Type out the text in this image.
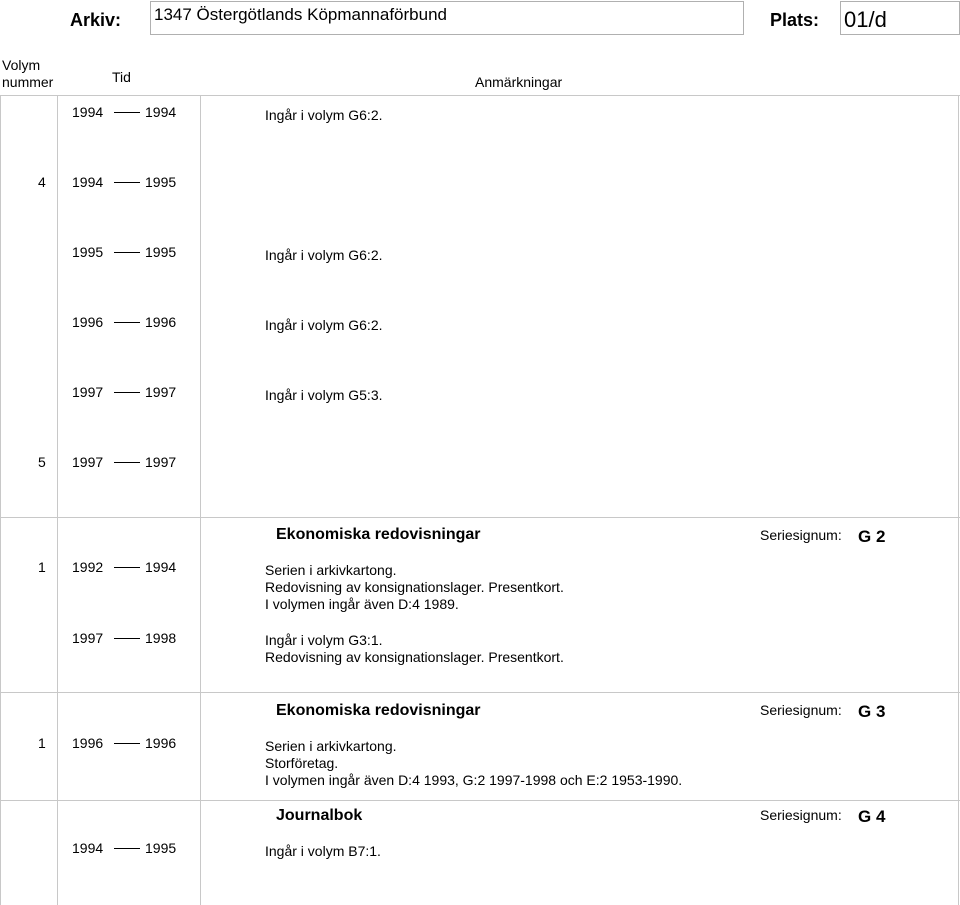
Arkiv: 1347 Östergötlands Köpmannaförbund	Plats: 01/d
Volym
nummer	Tid	Anmärkningar
1994	1994	Ingår i volym G6:2.
4 1994	1995
1995	1995	Ingår i volym G6:2.
1996	1996	Ingår i volym G6:2.
1997	1997	Ingår i volym G5:3.
5 1997	1997
Ekonomiska redovisningar	Seriesignum: G 2
1 1992	1994	Serien i arkivkartong.
Redovisning av konsignationslager. Presentkort.
I volymen ingår även D:4 1989.
1997	1998	Ingår i volym G3:1.
Redovisning av konsignationslager. Presentkort.
Ekonomiska redovisningar	Seriesignum: G 3
1 1996	1996	Serien i arkivkartong.
Storföretag.
I volymen ingår även D:4 1993, G:2 1997-1998 och E:2 1953-1990.
Journalbok	Seriesignum: G 4
1994	1995	Ingår i volym B7:1.
